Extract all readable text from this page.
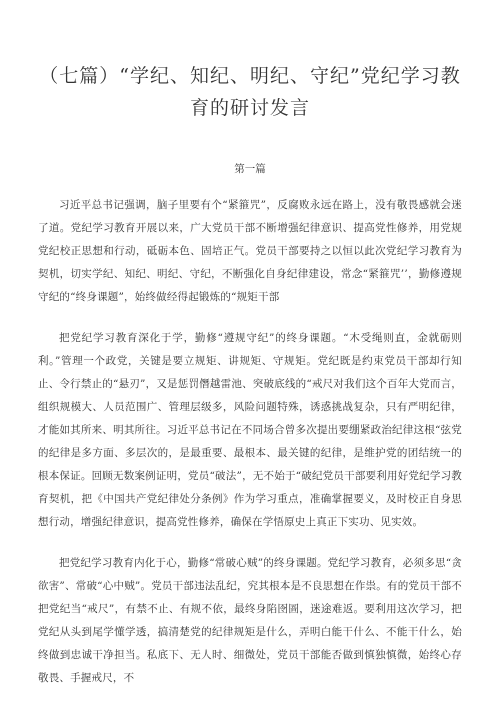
（七篇）“学纪、知纪、明纪、守纪”党纪学习教
育的研讨发言
第一篇

习近平总书记强调，脑子里要有个“紧箍咒”，反腐败永远在路上，没有敬畏感就会迷了道。党纪学习教育开展以来，广大党员干部不断增强纪律意识、提高党性修养，用党规党纪校正思想和行动，砥砺本色、固培正气。党员干部要持之以恒以此次党纪学习教育为契机，切实学纪、知纪、明纪、守纪，不断强化自身纪律建设，常念“紧箍咒’’，勤修遵规守纪的“终身课题”，始终做经得起锻炼的“规矩干部

把党纪学习教育深化于学，勤修“遵规守纪”的终身课题。“木受绳则直，金就砺则利。”管理一个政党，关键是要立规矩、讲规矩、守规矩。党纪既是约束党员干部却行知止、令行禁止的“悬刃”，又是惩罚僭越雷池、突破底线的“戒尺对我们这个百年大党而言，组织规模大、人员范围广、管理层级多，风险问题特殊，诱惑挑战复杂，只有严明纪律，才能如其所来、明其所往。习近平总书记在不同场合曾多次提出要绷紧政治纪律这根“弦党的纪律是多方面、多层次的，是最重要、最根本、最关键的纪律，是维护党的团结统一的根本保证。回顾无数案例证明，党员“破法”，无不始于“破纪党员干部要利用好党纪学习教育契机，把《中国共产党纪律处分条例》作为学习重点，准确掌握要义，及时校正自身思想行动，增强纪律意识，提高党性修养，确保在学悟原史上真正下实功、见实效。

把党纪学习教育内化于心，勤修“常破心贼”的终身课题。党纪学习教育，必须多思“贪欲害”、常破“心中贼”。党员干部违法乱纪，究其根本是不良思想在作祟。有的党员干部不把党纪当“戒尺”，有禁不止、有规不依，最终身陷囹圄，迷途难返。要利用这次学习，把党纪从头到尾学懂学透，搞清楚党的纪律规矩是什么，弄明白能干什么、不能干什么，始终做到忠诚干净担当。私底下、无人时、细微处，党员干部能否做到慎独慎微，始终心存敬畏、手握戒尺，不
